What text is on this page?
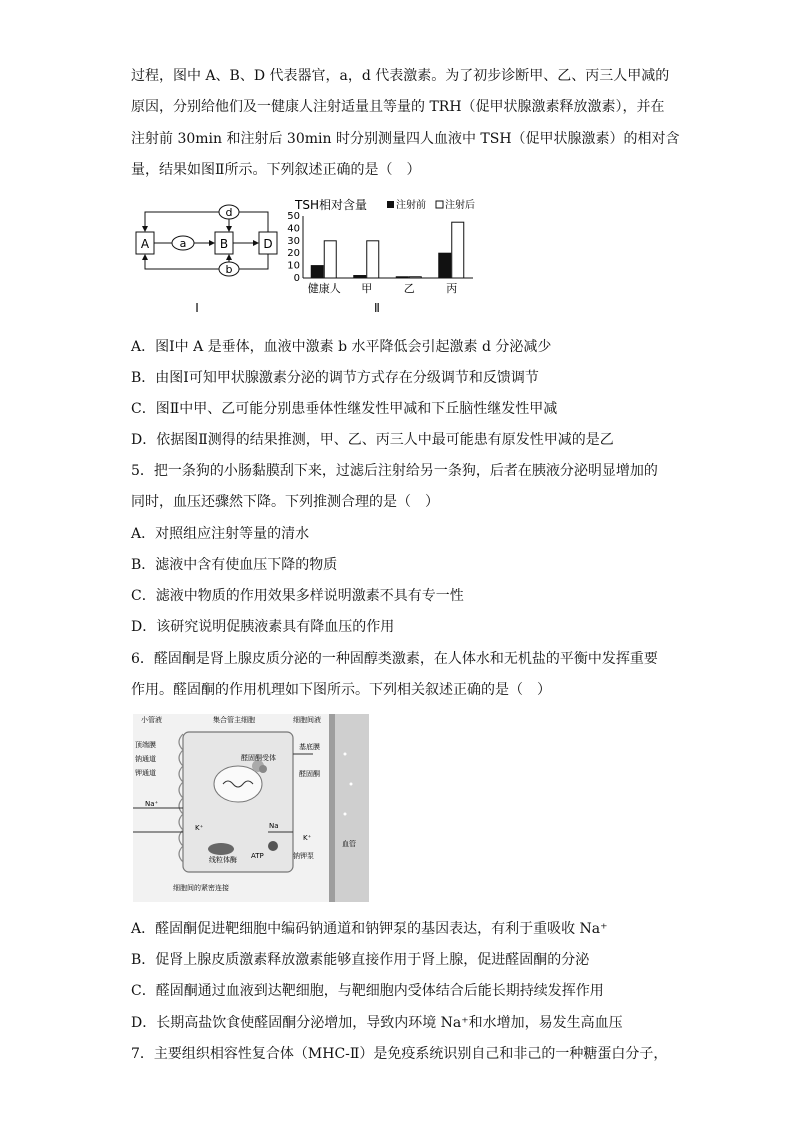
过程，图中 A、B、D 代表器官，a，d 代表激素。为了初步诊断甲、乙、丙三人甲减的
原因，分别给他们及一健康人注射适量且等量的 TRH（促甲状腺激素释放激素），并在
注射前 30min 和注射后 30min 时分别测量四人血液中 TSH（促甲状腺激素）的相对含
量，结果如图Ⅱ所示。下列叙述正确的是（　）
A	B	D
a
d
b
Ⅰ
TSH相对含量	注射前 注射后
0
10
20
30
40
50
健康人 甲	乙	丙
Ⅱ
A．图Ⅰ中 A 是垂体，血液中激素 b 水平降低会引起激素 d 分泌减少
B．由图Ⅰ可知甲状腺激素分泌的调节方式存在分级调节和反馈调节
C．图Ⅱ中甲、乙可能分别患垂体性继发性甲减和下丘脑性继发性甲减
D．依据图Ⅱ测得的结果推测，甲、乙、丙三人中最可能患有原发性甲减的是乙
5．把一条狗的小肠黏膜刮下来，过滤后注射给另一条狗，后者在胰液分泌明显增加的
同时，血压还骤然下降。下列推测合理的是（　）
A．对照组应注射等量的清水
B．滤液中含有使血压下降的物质
C．滤液中物质的作用效果多样说明激素不具有专一性
D．该研究说明促胰液素具有降血压的作用
6．醛固酮是肾上腺皮质分泌的一种固醇类激素，在人体水和无机盐的平衡中发挥重要
作用。醛固酮的作用机理如下图所示。下列相关叙述正确的是（　）
血管
小管液	集合管主细胞	细胞间液
顶端膜
钠通道
钾通道
基底膜
醛固酮受体
醛固酮
Na⁺
K⁺	Na
K⁺
线粒体酶 ATP	钠钾泵
细胞间的紧密连接
A．醛固酮促进靶细胞中编码钠通道和钠钾泵的基因表达，有利于重吸收 Na⁺
B．促肾上腺皮质激素释放激素能够直接作用于肾上腺，促进醛固酮的分泌
C．醛固酮通过血液到达靶细胞，与靶细胞内受体结合后能长期持续发挥作用
D．长期高盐饮食使醛固酮分泌增加，导致内环境 Na⁺和水增加，易发生高血压
7．主要组织相容性复合体（MHC-Ⅱ）是免疫系统识别自己和非己的一种糖蛋白分子，
